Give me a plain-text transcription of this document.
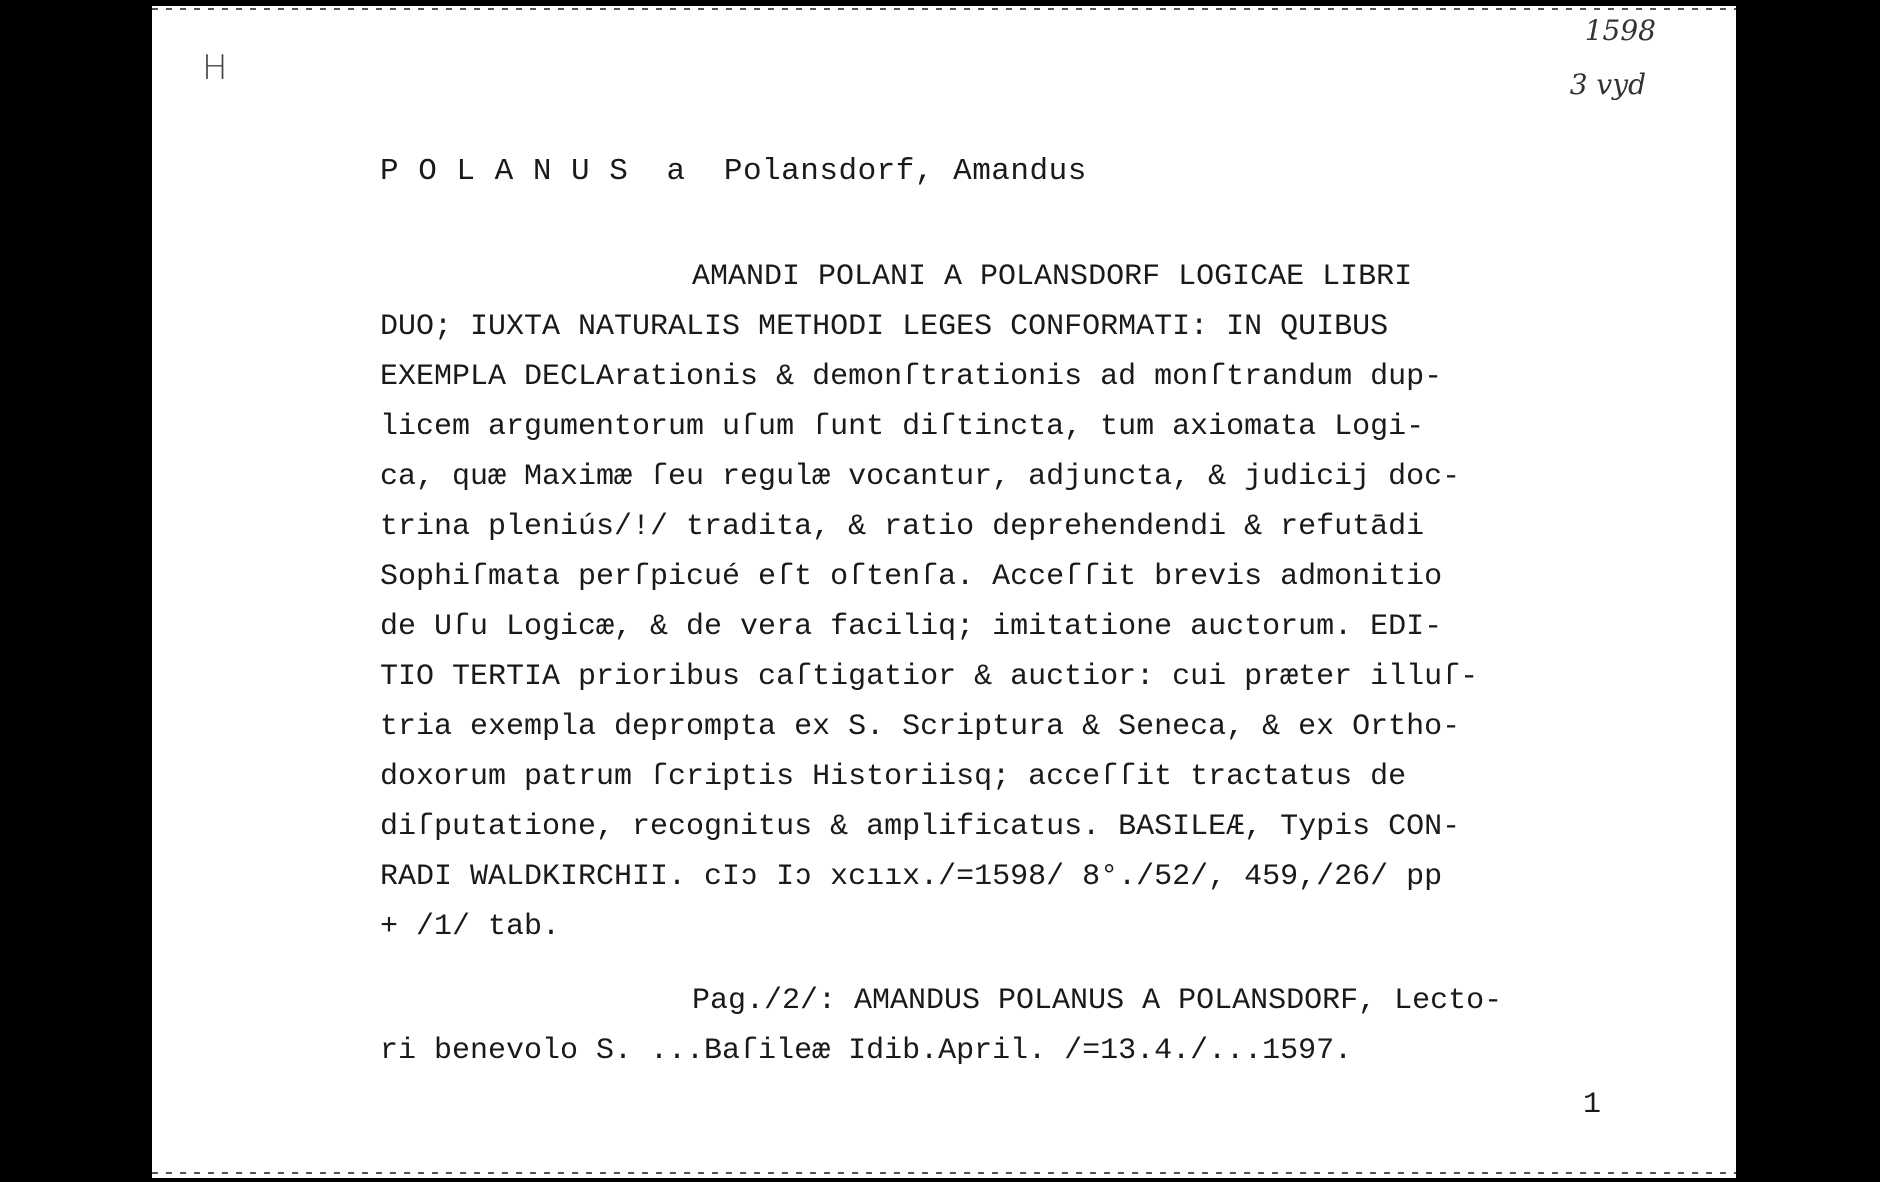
H
1598
3 vyd
P O L A N U S  a  Polansdorf, Amandus
AMANDI POLANI A POLANSDORF LOGICAE LIBRI
DUO; IUXTA NATURALIS METHODI LEGES CONFORMATI: IN QUIBUS
EXEMPLA DECLArationis & demonſtrationis ad monſtrandum dup-
licem argumentorum uſum ſunt diſtincta, tum axiomata Logi-
ca, quæ Maximæ ſeu regulæ vocantur, adjuncta, & judicij doc-
trina pleniús/!/ tradita, & ratio deprehendendi & refutādi
Sophiſmata perſpicué eſt oſtenſa. Acceſſit brevis admonitio
de Uſu Logicæ, & de vera faciliq; imitatione auctorum. EDI-
TIO TERTIA prioribus caſtigatior & auctior: cui præter illuſ-
tria exempla deprompta ex S. Scriptura & Seneca, & ex Ortho-
doxorum patrum ſcriptis Historiisq; acceſſit tractatus de
diſputatione, recognitus & amplificatus. BASILEÆ, Typis CON-
RADI WALDKIRCHII. cIↄ Iↄ xcııx./=1598/ 8°./52/, 459,/26/ pp
+ /1/ tab.
Pag./2/: AMANDUS POLANUS A POLANSDORF, Lecto-
ri benevolo S. ...Baſileæ Idib.April. /=13.4./...1597.
1
